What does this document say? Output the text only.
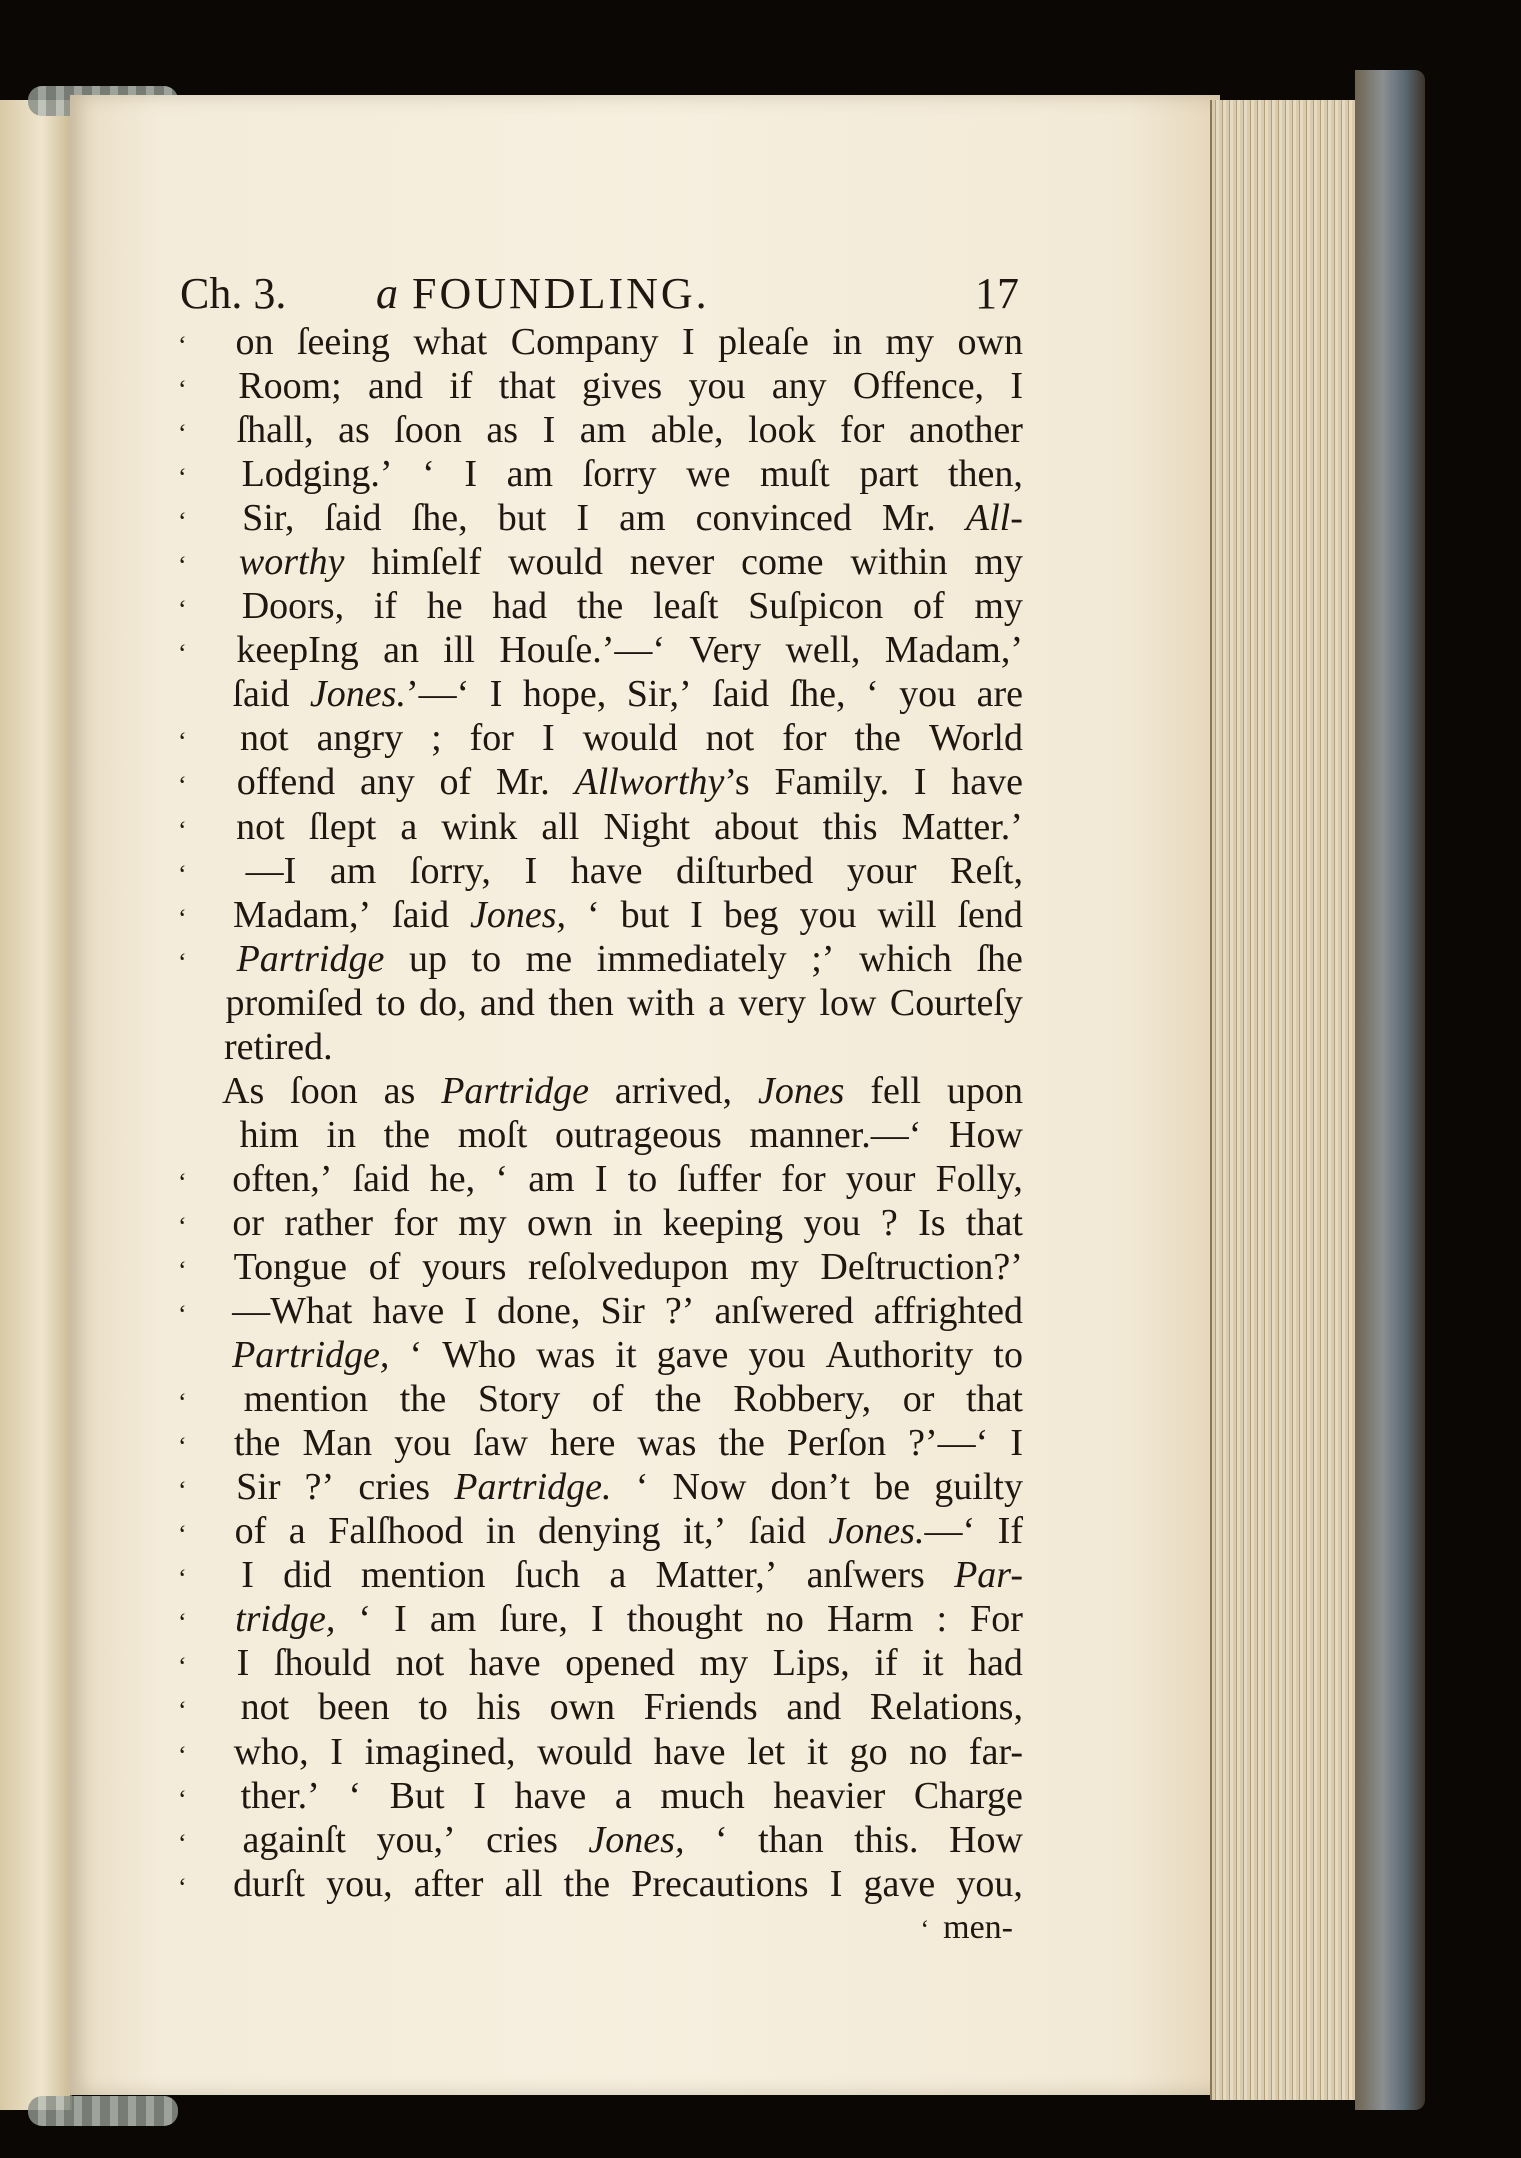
Ch. 3. a FOUNDLING.	17
‘	on ſeeing what Company I pleaſe in my own
‘	Room; and if that gives you any Offence, I
‘	ſhall, as ſoon as I am able, look for another
‘	Lodging.’ ‘ I am ſorry we muſt part then,
‘	Sir, ſaid ſhe, but I am convinced Mr. All-
‘	worthy himſelf would never come within my
‘	Doors, if he had the leaſt Suſpicon of my
‘	keepIng an ill Houſe.’—‘ Very well, Madam,’
ſaid Jones.’—‘ I hope, Sir,’ ſaid ſhe, ‘ you are
‘	not angry ; for I would not for the World
‘	offend any of Mr. Allworthy’s Family. I have
‘	not ſlept a wink all Night about this Matter.’
‘	—I am ſorry, I have diſturbed your Reſt,
‘	Madam,’ ſaid Jones, ‘ but I beg you will ſend
‘	Partridge up to me immediately ;’ which ſhe
promiſed to do, and then with a very low Courteſy
retired.
As ſoon as Partridge arrived, Jones fell upon
him in the moſt outrageous manner.—‘ How
‘	often,’ ſaid he, ‘ am I to ſuffer for your Folly,
‘	or rather for my own in keeping you ? Is that
‘	Tongue of yours reſolvedupon my Deſtruction?’
‘	—What have I done, Sir ?’ anſwered affrighted
Partridge, ‘ Who was it gave you Authority to
‘	mention the Story of the Robbery, or that
‘	the Man you ſaw here was the Perſon ?’—‘ I
‘	Sir ?’ cries Partridge. ‘ Now don’t be guilty
‘	of a Falſhood in denying it,’ ſaid Jones.—‘ If
‘	I did mention ſuch a Matter,’ anſwers Par-
‘	tridge, ‘ I am ſure, I thought no Harm : For
‘	I ſhould not have opened my Lips, if it had
‘	not been to his own Friends and Relations,
‘	who, I imagined, would have let it go no far-
‘	ther.’ ‘ But I have a much heavier Charge
‘	againſt you,’ cries Jones, ‘ than this. How
‘	durſt you, after all the Precautions I gave you,
‘ men-
